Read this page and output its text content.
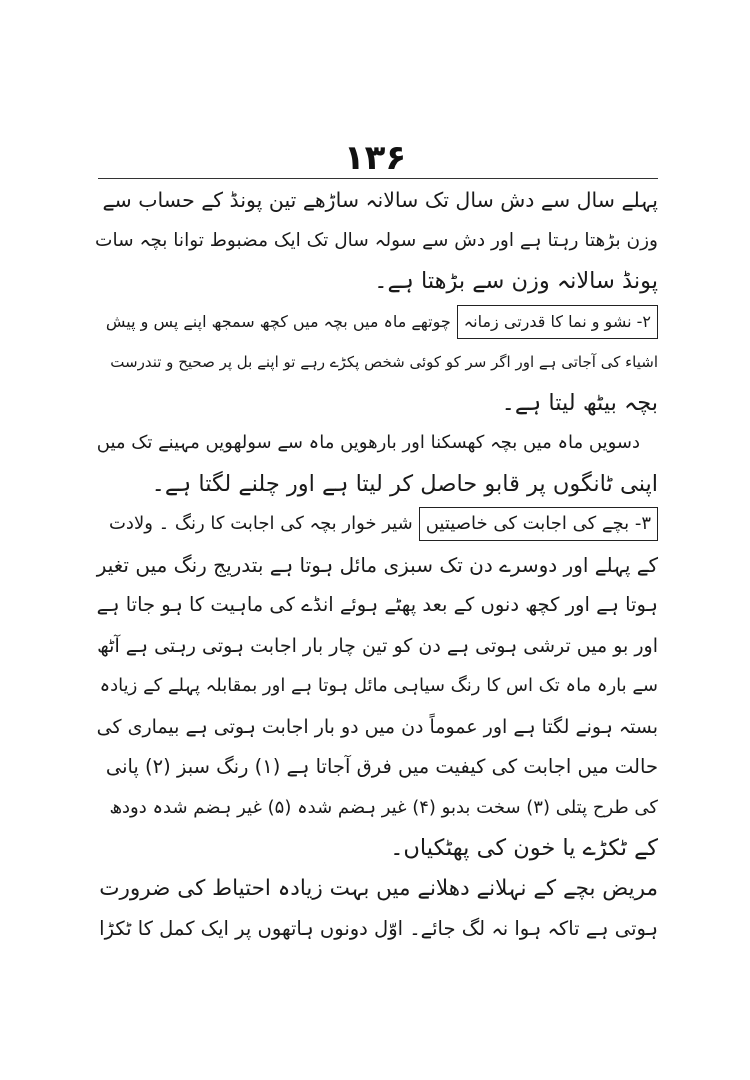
۱۳۶
پہلے سال سے دش سال تک سالانہ ساڑھے تین پونڈ کے حساب سے
وزن بڑھتا رہتا ہے اور دش سے سولہ سال تک ایک مضبوط توانا بچہ سات
پونڈ سالانہ وزن سے بڑھتا ہے۔
۲- نشو و نما کا قدرتی زمانہچوتھے ماہ میں بچہ میں کچھ سمجھ اپنے پس و پیش
اشیاء کی آجاتی ہے اور اگر سر کو کوئی شخص پکڑے رہے تو اپنے بل پر صحیح و تندرست
بچہ بیٹھ لیتا ہے۔
دسویں ماہ میں بچہ کھسکنا اور بارھویں ماہ سے سولھویں مہینے تک میں
اپنی ٹانگوں پر قابو حاصل کر لیتا ہے اور چلنے لگتا ہے۔
۳- بچے کی اجابت کی خاصیتیںشیر خوار بچہ کی اجابت کا رنگ ۔ ولادت
کے پہلے اور دوسرے دن تک سبزی مائل ہوتا ہے بتدریج رنگ میں تغیر
ہوتا ہے اور کچھ دنوں کے بعد پھٹے ہوئے انڈے کی ماہیت کا ہو جاتا ہے
اور بو میں ترشی ہوتی ہے دن کو تین چار بار اجابت ہوتی رہتی ہے آٹھ
سے بارہ ماہ تک اس کا رنگ سیاہی مائل ہوتا ہے اور بمقابلہ پہلے کے زیادہ
بستہ ہونے لگتا ہے اور عموماً دن میں دو بار اجابت ہوتی ہے بیماری کی
حالت میں اجابت کی کیفیت میں فرق آجاتا ہے (۱) رنگ سبز (۲) پانی
کی طرح پتلی (۳) سخت بدبو (۴) غیر ہضم شدہ (۵) غیر ہضم شدہ دودھ
کے ٹکڑے یا خون کی پھٹکیاں۔
مریض بچے کے نہلانے دھلانے میں بہت زیادہ احتیاط کی ضرورت
ہوتی ہے تاکہ ہوا نہ لگ جائے۔ اوّل دونوں ہاتھوں پر ایک کمل کا ٹکڑا
